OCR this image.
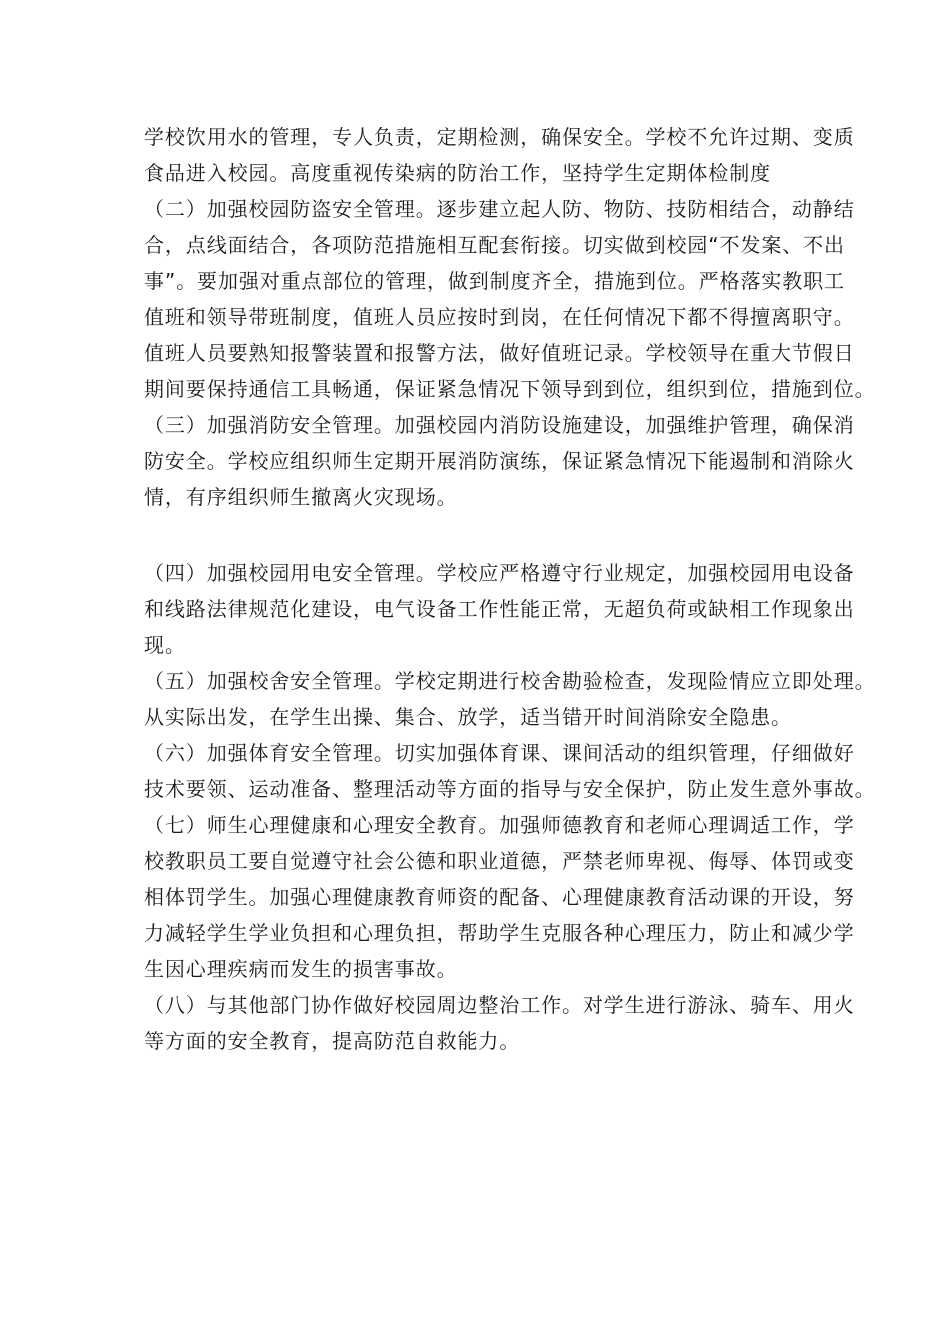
学校饮用水的管理，专人负责，定期检测，确保安全。学校不允许过期、变质
食品进入校园。高度重视传染病的防治工作，坚持学生定期体检制度
（二）加强校园防盗安全管理。逐步建立起人防、物防、技防相结合，动静结
合，点线面结合，各项防范措施相互配套衔接。切实做到校园“不发案、不出
事”。要加强对重点部位的管理，做到制度齐全，措施到位。严格落实教职工
值班和领导带班制度，值班人员应按时到岗，在任何情况下都不得擅离职守。
值班人员要熟知报警装置和报警方法，做好值班记录。学校领导在重大节假日
期间要保持通信工具畅通，保证紧急情况下领导到到位，组织到位，措施到位。
（三）加强消防安全管理。加强校园内消防设施建设，加强维护管理，确保消
防安全。学校应组织师生定期开展消防演练，保证紧急情况下能遏制和消除火
情，有序组织师生撤离火灾现场。
（四）加强校园用电安全管理。学校应严格遵守行业规定，加强校园用电设备
和线路法律规范化建设，电气设备工作性能正常，无超负荷或缺相工作现象出
现。
（五）加强校舍安全管理。学校定期进行校舍勘验检查，发现险情应立即处理。
从实际出发，在学生出操、集合、放学，适当错开时间消除安全隐患。
（六）加强体育安全管理。切实加强体育课、课间活动的组织管理，仔细做好
技术要领、运动准备、整理活动等方面的指导与安全保护，防止发生意外事故。
（七）师生心理健康和心理安全教育。加强师德教育和老师心理调适工作，学
校教职员工要自觉遵守社会公德和职业道德，严禁老师卑视、侮辱、体罚或变
相体罚学生。加强心理健康教育师资的配备、心理健康教育活动课的开设，努
力减轻学生学业负担和心理负担，帮助学生克服各种心理压力，防止和减少学
生因心理疾病而发生的损害事故。
（八）与其他部门协作做好校园周边整治工作。对学生进行游泳、骑车、用火
等方面的安全教育，提高防范自救能力。
